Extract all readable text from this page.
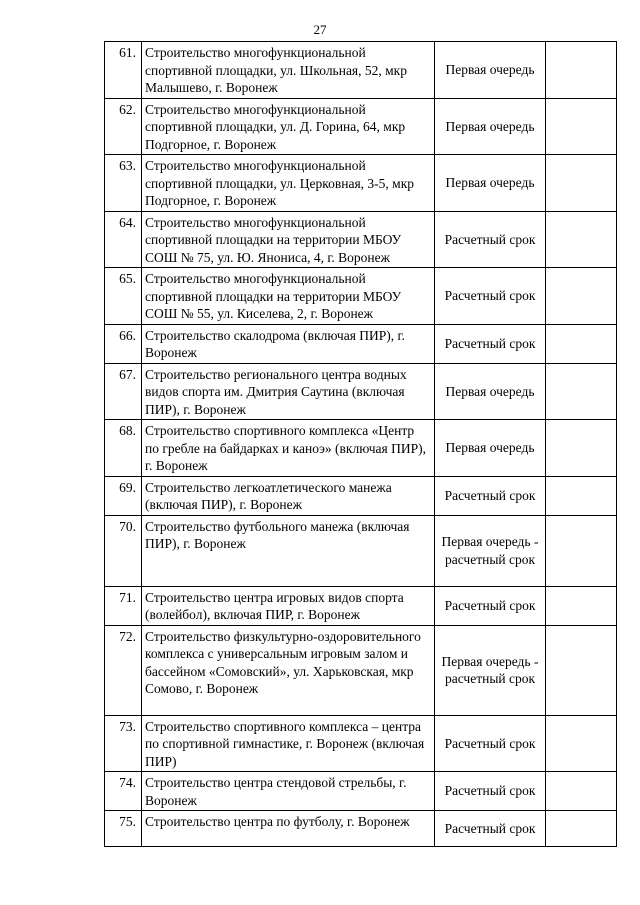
27
61.	Строительство многофункциональной спортивной площадки, ул. Школьная, 52, мкр Малышево, г. Воронеж	Первая очередь	
62.	Строительство многофункциональной спортивной площадки, ул. Д. Горина, 64, мкр Подгорное, г. Воронеж	Первая очередь	
63.	Строительство многофункциональной спортивной площадки, ул. Церковная, 3-5, мкр Подгорное, г. Воронеж	Первая очередь	
64.	Строительство многофункциональной спортивной площадки на территории МБОУ СОШ № 75, ул. Ю. Янониса, 4, г. Воронеж	Расчетный срок	
65.	Строительство многофункциональной спортивной площадки на территории МБОУ СОШ № 55, ул. Киселева, 2, г. Воронеж	Расчетный срок	
66.	Строительство скалодрома (включая ПИР), г. Воронеж	Расчетный срок	
67.	Строительство регионального центра водных видов спорта им. Дмитрия Саутина (включая ПИР), г. Воронеж	Первая очередь	
68.	Строительство спортивного комплекса «Центр по гребле на байдарках и каноэ» (включая ПИР), г. Воронеж	Первая очередь	
69.	Строительство легкоатлетического манежа (включая ПИР), г. Воронеж	Расчетный срок	
70.	Строительство футбольного манежа (включая ПИР), г. Воронеж	Первая очередь - расчетный срок	
71.	Строительство центра игровых видов спорта (волейбол), включая ПИР, г. Воронеж	Расчетный срок	
72.	Строительство физкультурно-оздоровительного комплекса с универсальным игровым залом и бассейном «Сомовский», ул. Харьковская, мкр Сомово, г. Воронеж	Первая очередь - расчетный срок	
73.	Строительство спортивного комплекса – центра по спортивной гимнастике, г. Воронеж (включая ПИР)	Расчетный срок	
74.	Строительство центра стендовой стрельбы, г. Воронеж	Расчетный срок	
75.	Строительство центра по футболу, г. Воронеж	Расчетный срок	
